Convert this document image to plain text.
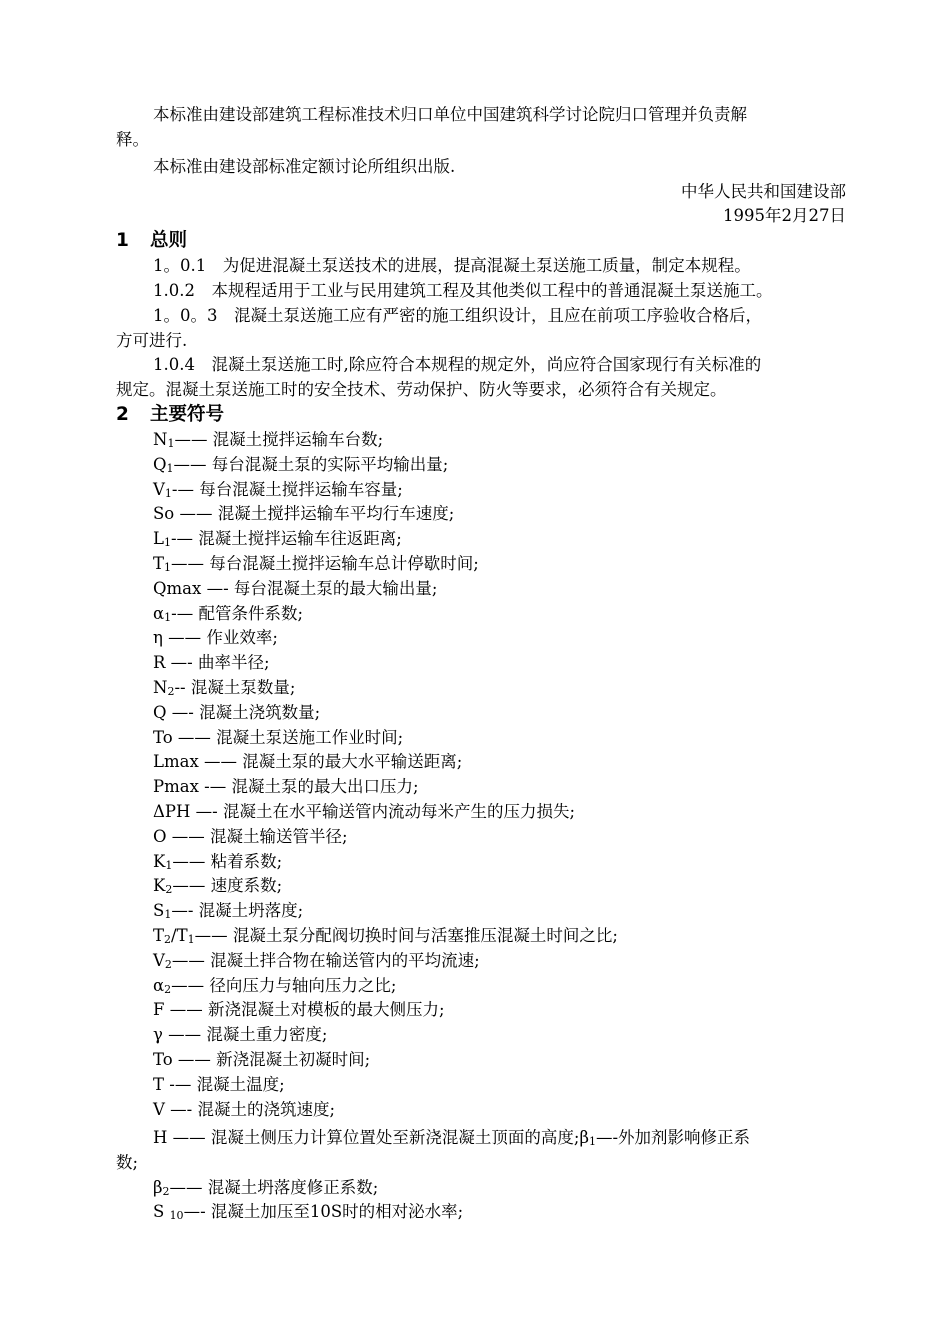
本标准由建设部建筑工程标准技术归口单位中国建筑科学讨论院归口管理并负责解
释。
本标准由建设部标准定额讨论所组织出版.
中华人民共和国建设部
1995年2月27日
1 总则
1。0.1　为促进混凝土泵送技术的进展，提高混凝土泵送施工质量，制定本规程。
1.0.2　本规程适用于工业与民用建筑工程及其他类似工程中的普通混凝土泵送施工。
1。0。3　混凝土泵送施工应有严密的施工组织设计，且应在前项工序验收合格后，
方可进行.
1.0.4　混凝土泵送施工时,除应符合本规程的规定外，尚应符合国家现行有关标准的
规定。混凝土泵送施工时的安全技术、劳动保护、防火等要求，必须符合有关规定。
2 主要符号
$N_1——$ 混凝土搅拌运输车台数;
$Q_1——$ 每台混凝土泵的实际平均输出量;
$V_1-—$ 每台混凝土搅拌运输车容量;
So —— 混凝土搅拌运输车平均行车速度;
$L_1-—$ 混凝土搅拌运输车往返距离;
$T_1——$ 每台混凝土搅拌运输车总计停歇时间;
Qmax —- 每台混凝土泵的最大输出量;
$\alpha_1-—$ 配管条件系数;
η —— 作业效率;
R —- 曲率半径;
$N_2--$ 混凝土泵数量;
Q —- 混凝土浇筑数量;
To —— 混凝土泵送施工作业时间;
Lmax —— 混凝土泵的最大水平输送距离;
Pmax -— 混凝土泵的最大出口压力;
ΔPH —- 混凝土在水平输送管内流动每米产生的压力损失;
O —— 混凝土输送管半径;
$K_1——$ 粘着系数;
$K_2——$ 速度系数;
$S_1—-$ 混凝土坍落度;
$T_2/T_1——$ 混凝土泵分配阀切换时间与活塞推压混凝土时间之比;
$V_2——$ 混凝土拌合物在输送管内的平均流速;
$\alpha_2——$ 径向压力与轴向压力之比;
F —— 新浇混凝土对模板的最大侧压力;
γ —— 混凝土重力密度;
To —— 新浇混凝土初凝时间;
T -— 混凝土温度;
V —- 混凝土的浇筑速度;
H —— 混凝土侧压力计算位置处至新浇混凝土顶面的高度$;\beta_1—-$外加剂影响修正系
数;
$\beta_2——$ 混凝土坍落度修正系数;
S $_{10}$—- 混凝土加压至10S时的相对泌水率;
